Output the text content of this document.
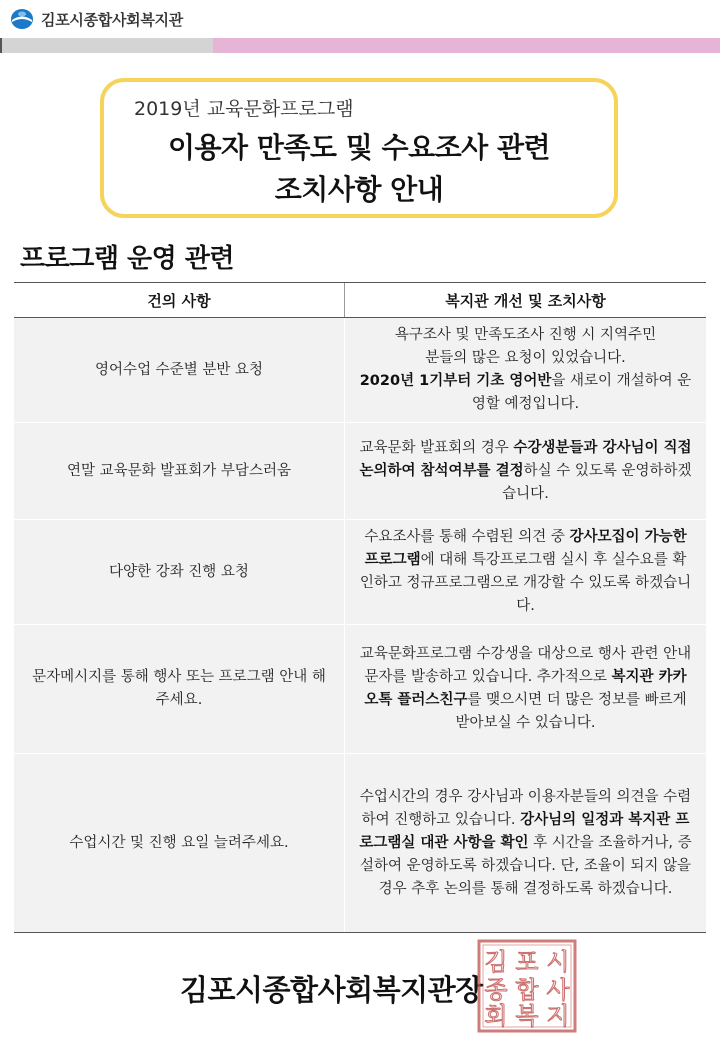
김포시종합사회복지관
2019년 교육문화프로그램
이용자 만족도 및 수요조사 관련
조치사항 안내
프로그램 운영 관련
건의 사항	복지관 개선 및 조치사항
영어수업 수준별 분반 요청
욕구조사 및 만족도조사 진행 시 지역주민
분들의 많은 요청이 있었습니다.
2020년 1기부터 기초 영어반을 새로이 개설하여 운영할 예정입니다.
연말 교육문화 발표회가 부담스러움
교육문화 발표회의 경우 수강생분들과 강사님이 직접 논의하여 참석여부를 결정하실 수 있도록 운영하하겠습니다.
다양한 강좌 진행 요청
수요조사를 통해 수렴된 의견 중 강사모집이 가능한 프로그램에 대해 특강프로그램 실시 후 실수요를 확인하고 정규프로그램으로 개강할 수 있도록 하겠습니다.
문자메시지를 통해 행사 또는 프로그램 안내 해주세요.
교육문화프로그램 수강생을 대상으로 행사 관련 안내 문자를 발송하고 있습니다. 추가적으로 복지관 카카오톡 플러스친구를 맺으시면 더 많은 정보를 빠르게 받아보실 수 있습니다.
수업시간 및 진행 요일 늘려주세요.
수업시간의 경우 강사님과 이용자분들의 의견을 수렴하여 진행하고 있습니다. 강사님의 일정과 복지관 프로그램실 대관 사항을 확인 후 시간을 조율하거나, 증설하여 운영하도록 하겠습니다. 단, 조율이 되지 않을 경우 추후 논의를 통해 결정하도록 하겠습니다.
김포시종합사회복지관장
김 포 시
종 합 사
회 복 지
